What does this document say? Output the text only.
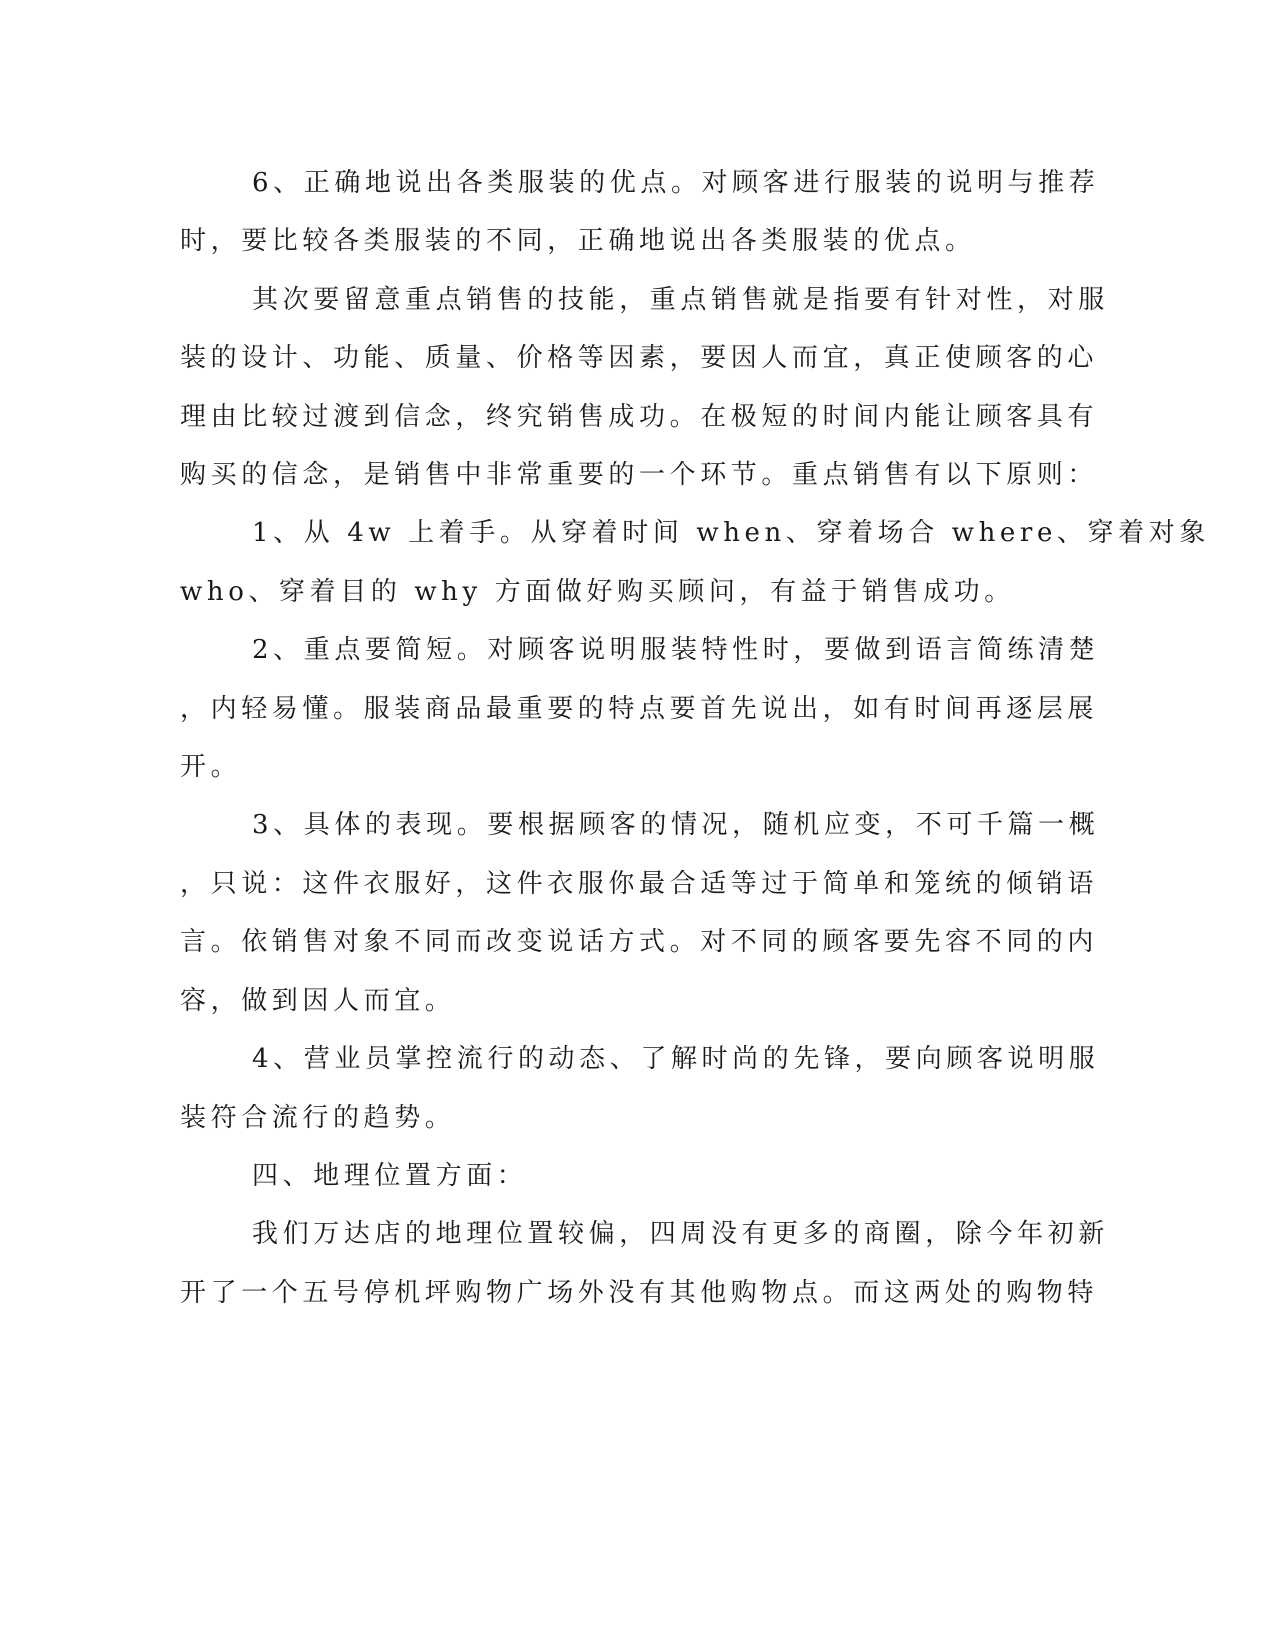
6、正确地说出各类服装的优点。对顾客进行服装的说明与推荐
时，要比较各类服装的不同，正确地说出各类服装的优点。

其次要留意重点销售的技能，重点销售就是指要有针对性，对服
装的设计、功能、质量、价格等因素，要因人而宜，真正使顾客的心
理由比较过渡到信念，终究销售成功。在极短的时间内能让顾客具有
购买的信念，是销售中非常重要的一个环节。重点销售有以下原则：

1、从 4w 上着手。从穿着时间 when、穿着场合 where、穿着对象
who、穿着目的 why 方面做好购买顾问，有益于销售成功。

2、重点要简短。对顾客说明服装特性时，要做到语言简练清楚
，内轻易懂。服装商品最重要的特点要首先说出，如有时间再逐层展
开。

3、具体的表现。要根据顾客的情况，随机应变，不可千篇一概
，只说：这件衣服好，这件衣服你最合适等过于简单和笼统的倾销语
言。依销售对象不同而改变说话方式。对不同的顾客要先容不同的内
容，做到因人而宜。

4、营业员掌控流行的动态、了解时尚的先锋，要向顾客说明服
装符合流行的趋势。

四、地理位置方面：

我们万达店的地理位置较偏，四周没有更多的商圈，除今年初新
开了一个五号停机坪购物广场外没有其他购物点。而这两处的购物特
